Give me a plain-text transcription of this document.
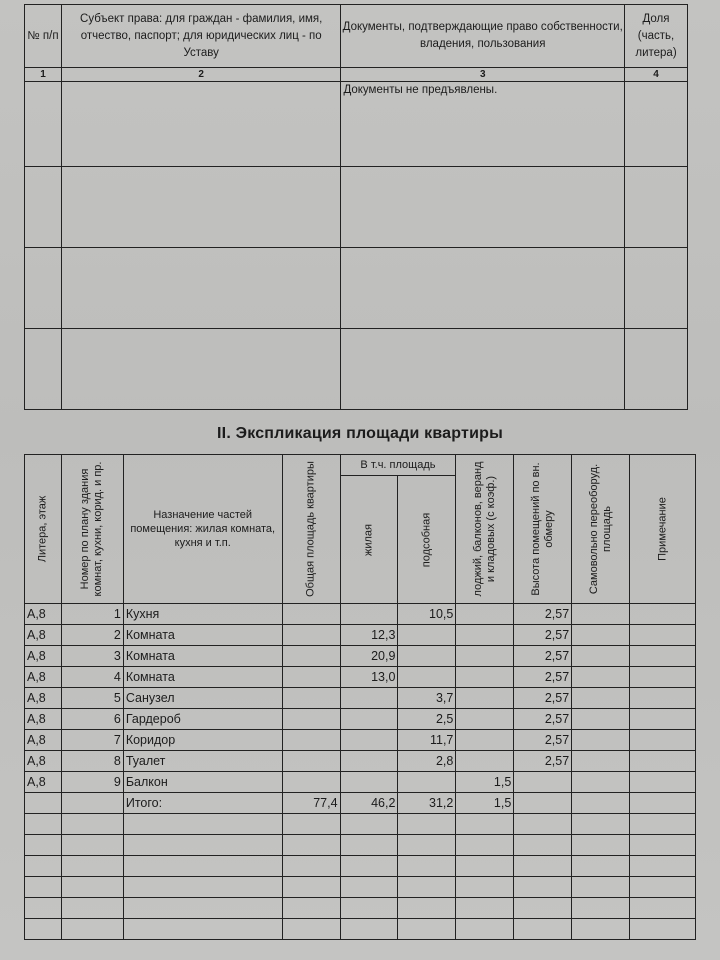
№ п/п	Субъект права: для граждан - фамилия, имя, отчество, паспорт; для юридических лиц - по Уставу	Документы, подтверждающие право собственности, владения, пользования	Доля (часть, литера)
1	2	3	4
		Документы не предъявлены.	

II. Экспликация площади квартиры
Литера, этаж	Номер по плану здания комнат, кухни, корид. и пр.	Назначение частей помещения: жилая комната, кухня и т.п.	Общая площадь квартиры	В т.ч. площадь		лоджий, балконов, веранд и кладовых (с коэф.)	Высота помещений по вн. обмеру	Самовольно переоборуд. площадь	Примечание

				жилая	подсобная				

А,8	1	Кухня			10,5		2,57		
А,8	2	Комната		12,3			2,57		
А,8	3	Комната		20,9			2,57		
А,8	4	Комната		13,0			2,57		
А,8	5	Санузел			3,7		2,57		
А,8	6	Гардероб			2,5		2,57		
А,8	7	Коридор			11,7		2,57		
А,8	8	Туалет			2,8		2,57		
А,8	9	Балкон				1,5			
		Итого:	77,4	46,2	31,2	1,5			
